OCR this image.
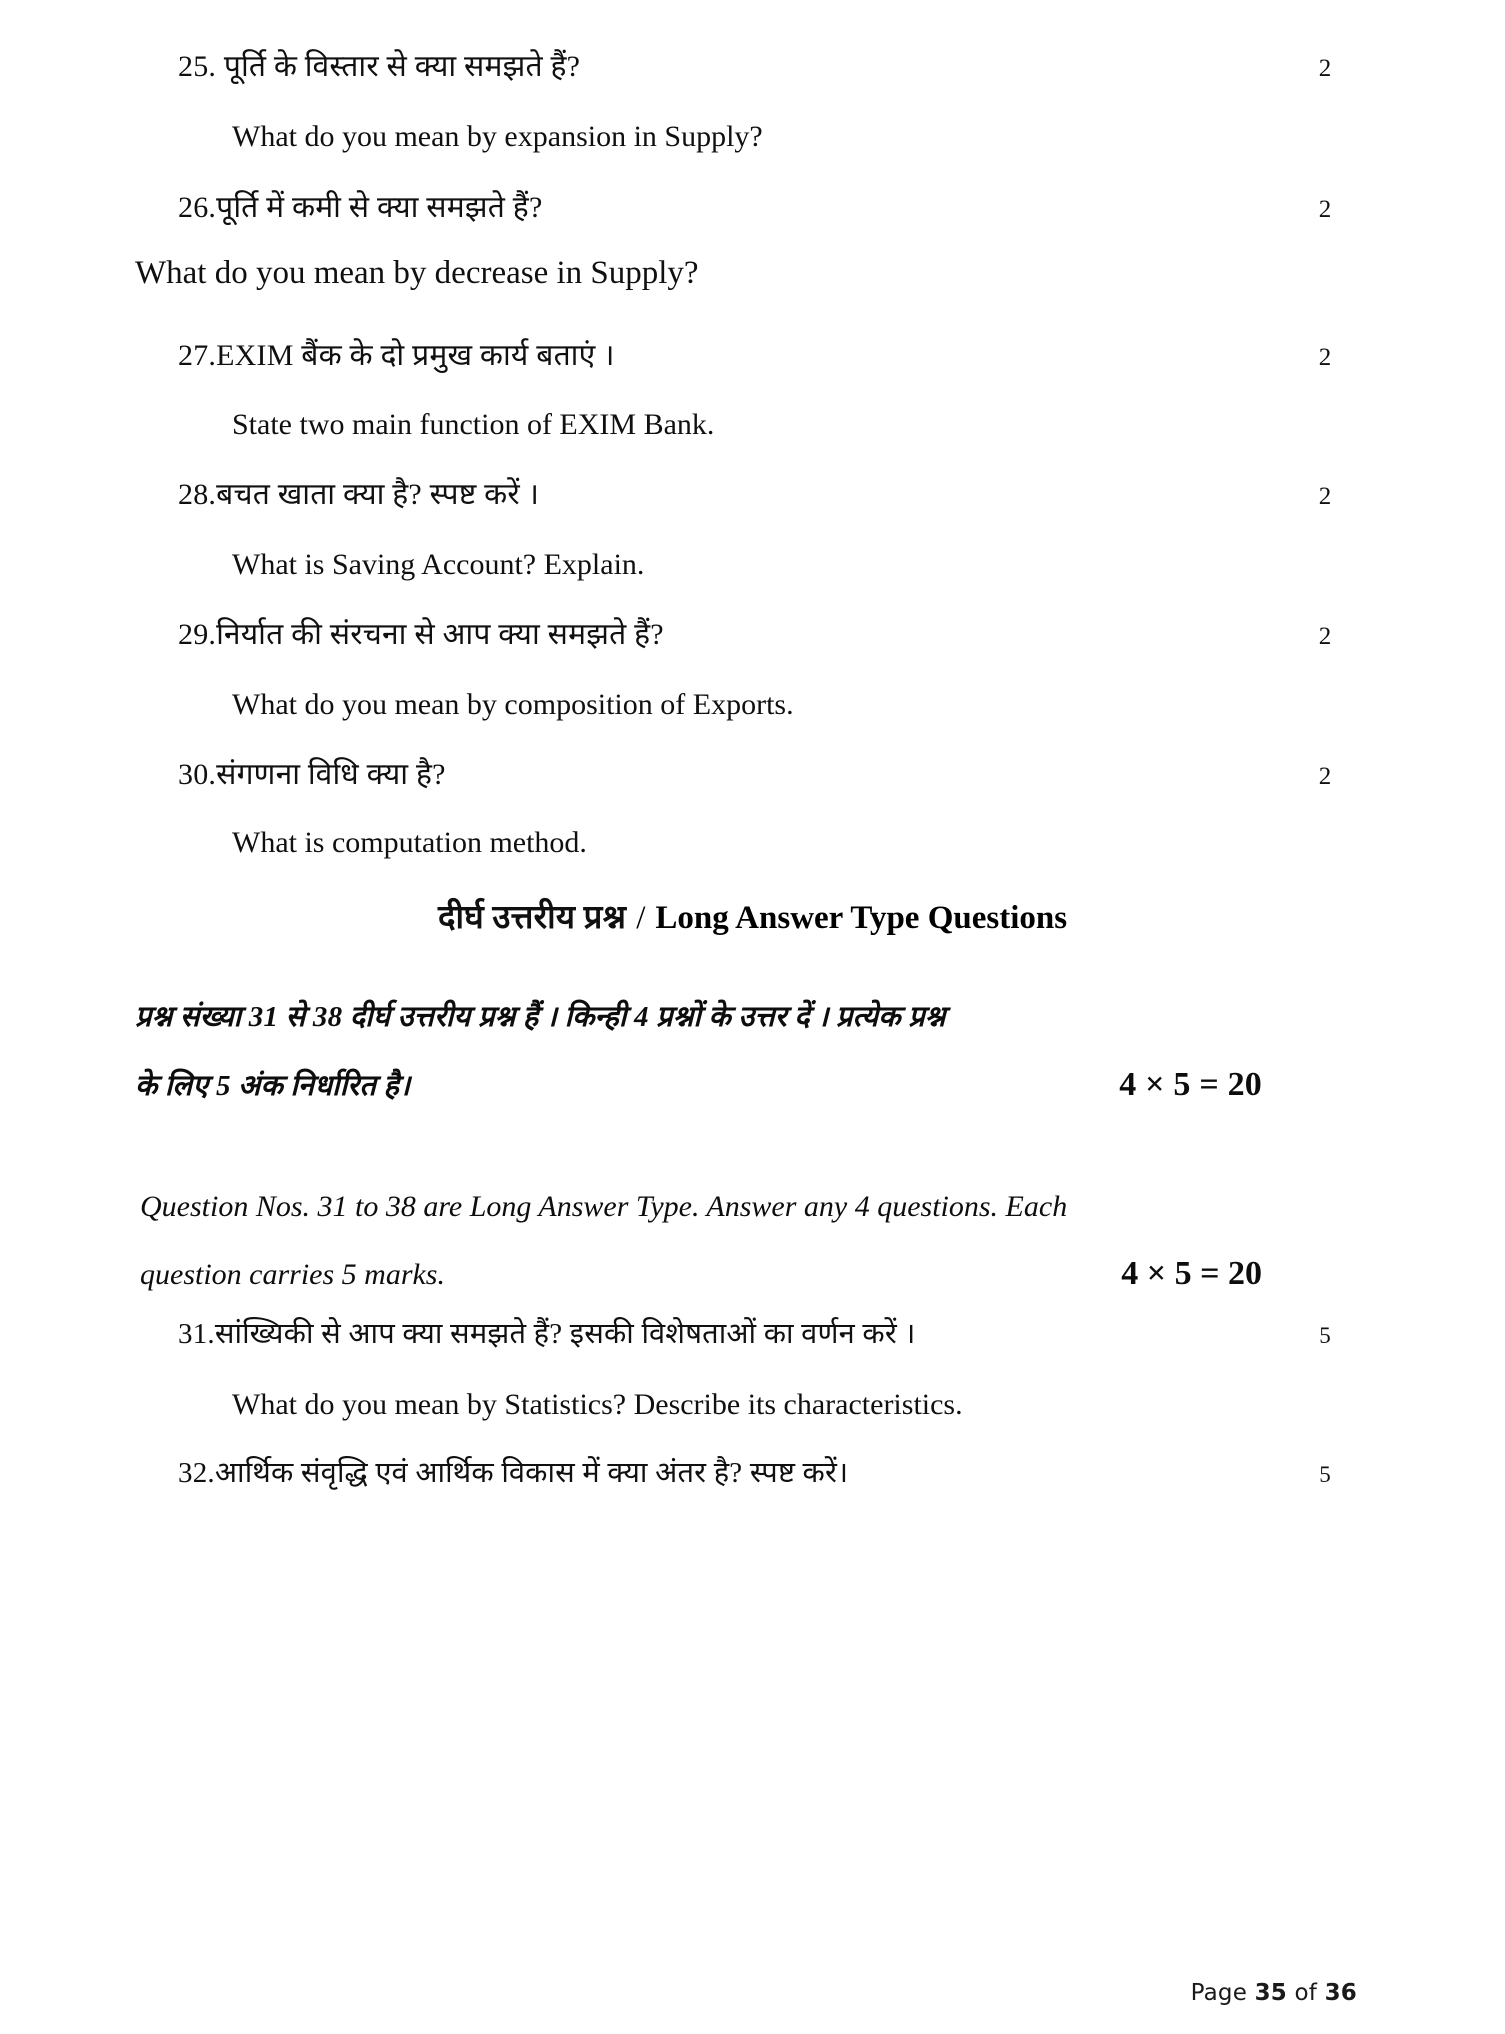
25. पूर्ति के विस्तार से क्या समझते हैं?	2
What do you mean by expansion in Supply?
26.पूर्ति में कमी से क्या समझते हैं?	2
What do you mean by decrease in Supply?
27.EXIM बैंक के दो प्रमुख कार्य बताएं ।	2
State two main function of EXIM Bank.
28.बचत खाता क्या है? स्पष्ट करें ।	2
What is Saving Account? Explain.
29.निर्यात की संरचना से आप क्या समझते हैं?	2
What do you mean by composition of Exports.
30.संगणना विधि क्या है?	2
What is computation method.
दीर्घ उत्तरीय प्रश्न / Long Answer Type Questions
प्रश्न संख्या 31 से 38 दीर्घ उत्तरीय प्रश्न हैं । किन्ही 4 प्रश्नों के उत्तर दें । प्रत्येक प्रश्न
के लिए 5 अंक निर्धारित है।	4 × 5 = 20
Question Nos. 31 to 38 are Long Answer Type. Answer any 4 questions. Each
question carries 5 marks.	4 × 5 = 20
31.सांख्यिकी से आप क्या समझते हैं? इसकी विशेषताओं का वर्णन करें ।	5
What do you mean by Statistics? Describe its characteristics.
32.आर्थिक संवृद्धि एवं आर्थिक विकास में क्या अंतर है? स्पष्ट करें।	5
Page 35 of 36
